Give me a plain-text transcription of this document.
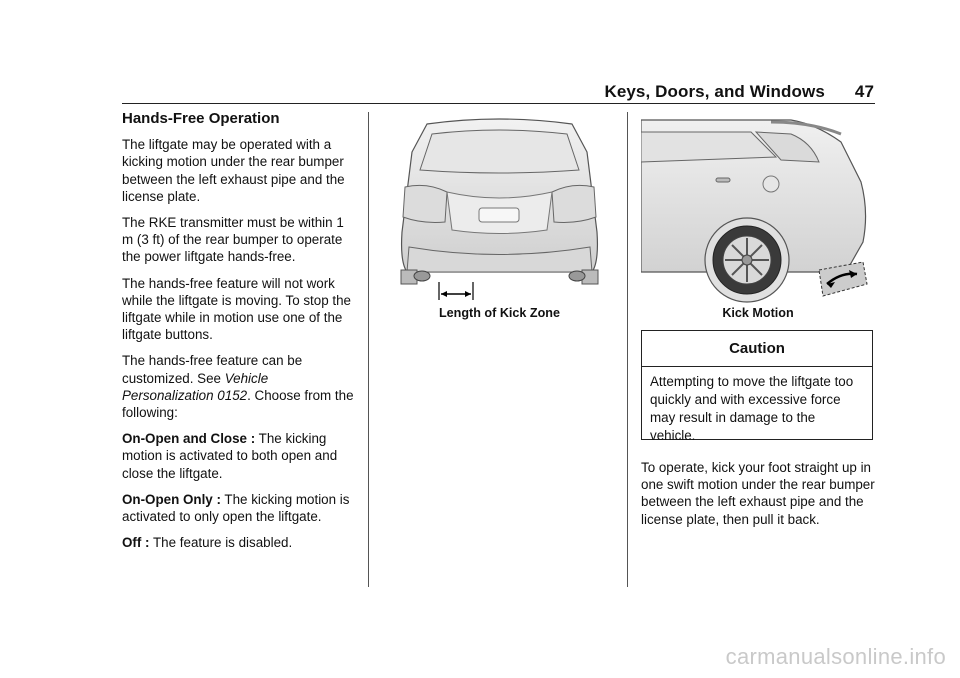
Keys, Doors, and Windows 47
Hands-Free Operation

The liftgate may be operated with a kicking motion under the rear bumper between the left exhaust pipe and the license plate.

The RKE transmitter must be within 1 m (3 ft) of the rear bumper to operate the power liftgate hands-free.

The hands-free feature will not work while the liftgate is moving. To stop the liftgate while in motion use one of the liftgate buttons.

The hands-free feature can be customized. See Vehicle Personalization 0152. Choose from the following:

On-Open and Close : The kicking motion is activated to both open and close the liftgate.

On-Open Only : The kicking motion is activated to only open the liftgate.

Off : The feature is disabled.

Length of Kick Zone	Kick Motion
Caution
Attempting to move the liftgate too quickly and with excessive force may result in damage to the vehicle.

To operate, kick your foot straight up in one swift motion under the rear bumper between the left exhaust pipe and the license plate, then pull it back.

carmanualsonline.info
